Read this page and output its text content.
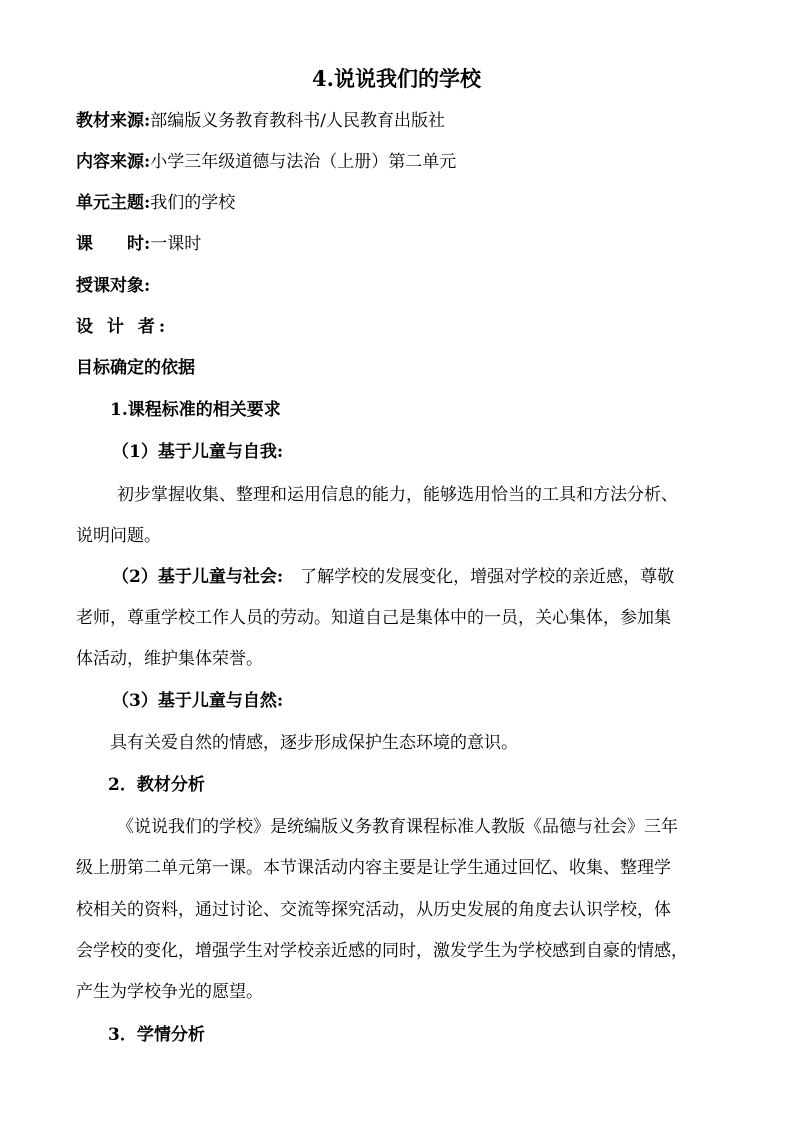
4.说说我们的学校
教材来源:部编版义务教育教科书/人民教育出版社
内容来源:小学三年级道德与法治（上册）第二单元
单元主题:我们的学校
课 时:一课时
授课对象:
设 计 者:
目标确定的依据
1.课程标准的相关要求
（1）基于儿童与自我:
初步掌握收集、整理和运用信息的能力，能够选用恰当的工具和方法分析、
说明问题。
（2）基于儿童与社会: 了解学校的发展变化，增强对学校的亲近感，尊敬
老师，尊重学校工作人员的劳动。知道自己是集体中的一员，关心集体，参加集
体活动，维护集体荣誉。
（3）基于儿童与自然:
具有关爱自然的情感，逐步形成保护生态环境的意识。
2．教材分析
《说说我们的学校》是统编版义务教育课程标准人教版《品德与社会》三年
级上册第二单元第一课。本节课活动内容主要是让学生通过回忆、收集、整理学
校相关的资料，通过讨论、交流等探究活动，从历史发展的角度去认识学校，体
会学校的变化，增强学生对学校亲近感的同时，激发学生为学校感到自豪的情感，
产生为学校争光的愿望。
3．学情分析
